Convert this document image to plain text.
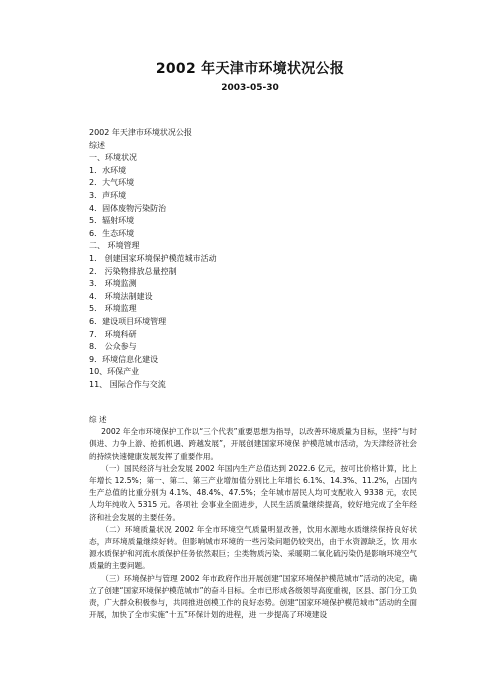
2002 年天津市环境状况公报
2003-05-30
2002 年天津市环境状况公报
综述
一、环境状况
1．水环境
2．大气环境
3．声环境
4．固体废物污染防治
5．辐射环境
6．生态环境
二、 环境管理
1． 创建国家环境保护模范城市活动
2． 污染物排放总量控制
3． 环境监测
4． 环境法制建设
5． 环境监理
6．建设项目环境管理
7． 环境科研
8． 公众参与
9．环境信息化建设
10、环保产业
11、 国际合作与交流
综 述

2002 年全市环境保护工作以“三个代表”重要思想为指导，以改善环境质量为目标，坚持“与时俱进、力争上游、抢抓机遇、跨越发展”，开展创建国家环境保 护模范城市活动，为天津经济社会的持续快速健康发展发挥了重要作用。

（一）国民经济与社会发展 2002 年国内生产总值达到 2022.6 亿元，按可比价格计算，比上年增长 12.5%；第一、第二、第三产业增加值分别比上年增长 6.1%、14.3%、11.2%，占国内生产总值的比重分别为 4.1%、48.4%、47.5%；全年城市居民人均可支配收入 9338 元，农民人均年纯收入 5315 元。各项社 会事业全面进步，人民生活质量继续提高，较好地完成了全年经济和社会发展的主要任务。

（二）环境质量状况 2002 年全市环境空气质量明显改善，饮用水源地水质继续保持良好状态，声环境质量继续好转。但影响城市环境的一些污染问题仍较突出，由于水资源缺乏，饮 用水源水质保护和河流水质保护任务依然艰巨；尘类物质污染、采暖期二氧化硫污染仍是影响环境空气质量的主要问题。

（三）环境保护与管理 2002 年市政府作出开展创建“国家环境保护模范城市”活动的决定，确立了创建“国家环境保护模范城市”的奋斗目标。全市已形成各级领导高度重视，区县、部门分工负责，广大群众积极参与，共同推进创模工作的良好态势。创建“国家环境保护模范城市”活动的全面开展，加快了全市实施“十五”环保计划的进程，进 一步提高了环境建设
